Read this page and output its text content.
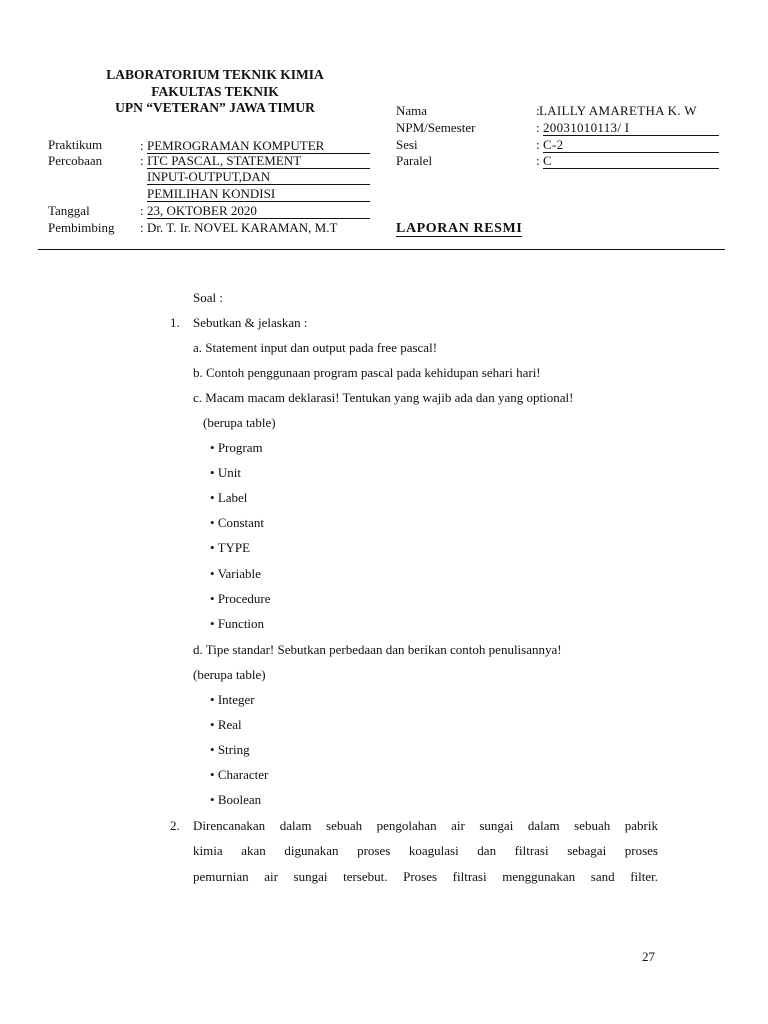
LABORATORIUM TEKNIK KIMIA
FAKULTAS TEKNIK
UPN “VETERAN” JAWA TIMUR
Praktikum	: PEMROGRAMAN KOMPUTER
Percobaan	: ITC PASCAL, STATEMENT
INPUT-OUTPUT,DAN
PEMILIHAN KONDISI
Tanggal	: 23, OKTOBER 2020
Pembimbing : Dr. T. Ir. NOVEL KARAMAN, M.T
Nama	: LAILLY AMARETHA K. W
NPM/Semester	: 20031010113/ I
Sesi	: C-2
Paralel	: C
LAPORAN RESMI
Soal :
1. Sebutkan & jelaskan :
a. Statement input dan output pada free pascal!
b. Contoh penggunaan program pascal pada kehidupan sehari hari!
c. Macam macam deklarasi! Tentukan yang wajib ada dan yang optional!
(berupa table)
• Program
• Unit
• Label
• Constant
• TYPE
• Variable
• Procedure
• Function
d. Tipe standar! Sebutkan perbedaan dan berikan contoh penulisannya!
(berupa table)
• Integer
• Real
• String
• Character
• Boolean
2. Direncanakan dalam sebuah pengolahan air sungai dalam sebuah pabrik
kimia akan digunakan proses koagulasi dan filtrasi sebagai proses
pemurnian air sungai tersebut. Proses filtrasi menggunakan sand filter.
27
